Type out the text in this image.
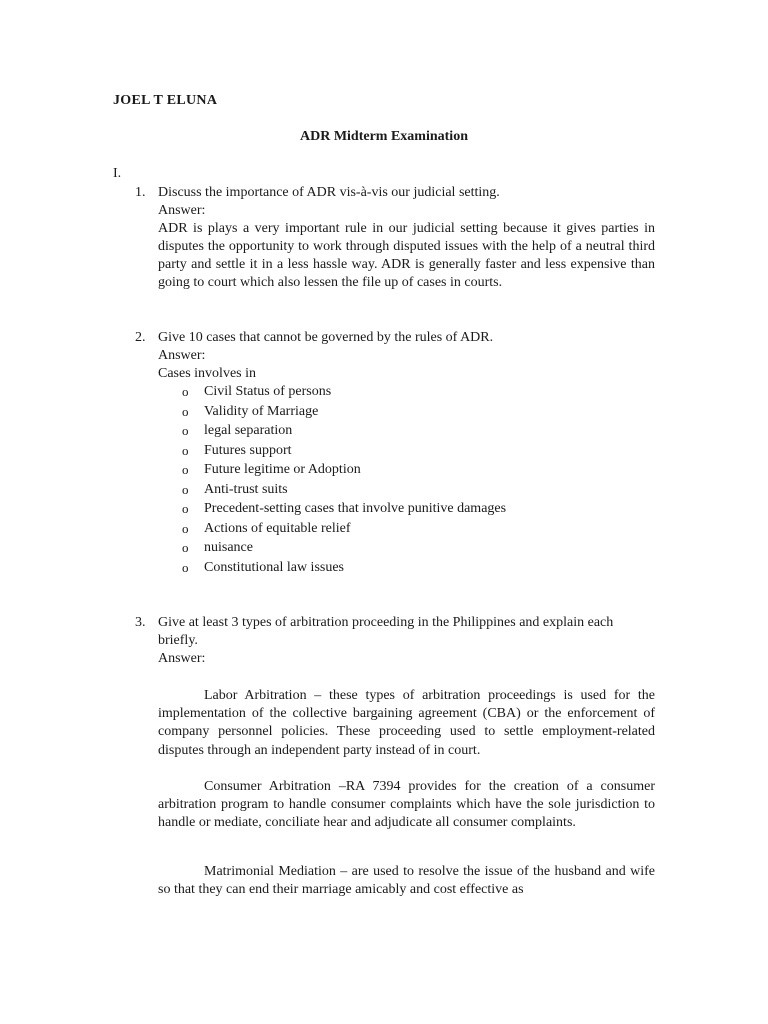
JOEL T ELUNA
ADR Midterm Examination
I.
1. Discuss the importance of ADR vis-à-vis our judicial setting.
Answer:
ADR is plays a very important rule in our judicial setting because it gives parties in disputes the opportunity to work through disputed issues with the help of a neutral third party and settle it in a less hassle way. ADR is generally faster and less expensive than going to court which also lessen the file up of cases in courts.
2. Give 10 cases that cannot be governed by the rules of ADR.
Answer:
Cases involves in
o Civil Status of persons
o Validity of Marriage
o legal separation
o Futures support
o Future legitime or Adoption
o Anti-trust suits
o Precedent-setting cases that involve punitive damages
o Actions of equitable relief
o nuisance
o Constitutional law issues
3. Give at least 3 types of arbitration proceeding in the Philippines and explain each briefly.
Answer:
Labor Arbitration – these types of arbitration proceedings is used for the implementation of the collective bargaining agreement (CBA) or the enforcement of company personnel policies. These proceeding used to settle employment-related disputes through an independent party instead of in court.
Consumer Arbitration –RA 7394 provides for the creation of a consumer arbitration program to handle consumer complaints which have the sole jurisdiction to handle or mediate, conciliate hear and adjudicate all consumer complaints.
Matrimonial Mediation – are used to resolve the issue of the husband and wife so that they can end their marriage amicably and cost effective as
